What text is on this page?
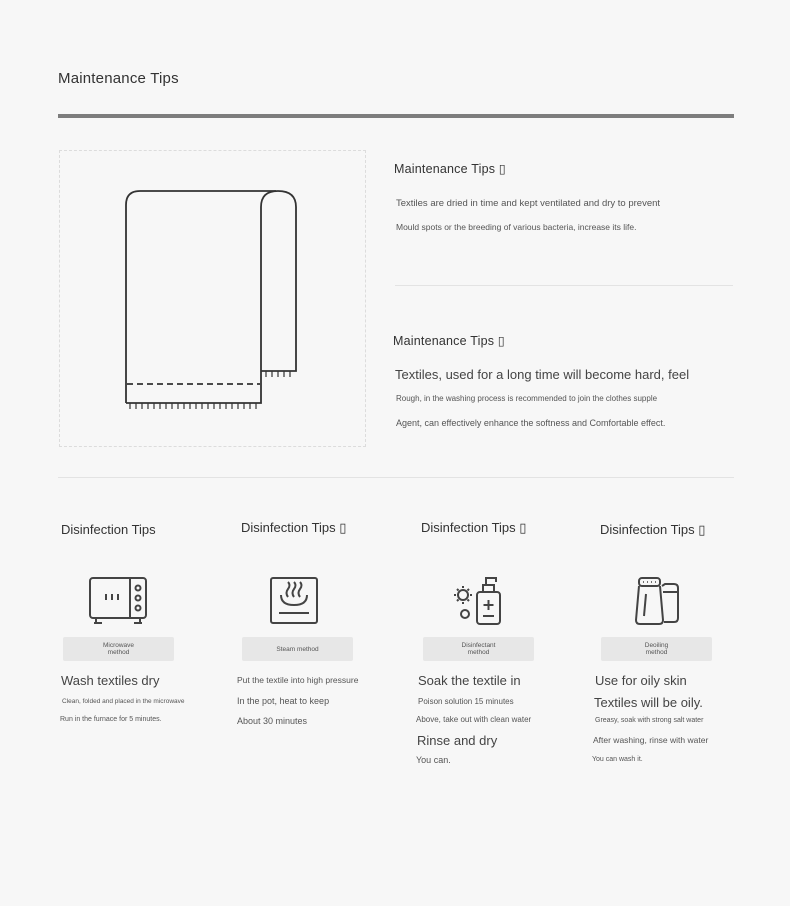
Maintenance Tips
Maintenance Tips ▯
Textiles are dried in time and kept ventilated and dry to prevent
Mould spots or the breeding of various bacteria, increase its life.
Maintenance Tips ▯
Textiles, used for a long time will become hard, feel
Rough, in the washing process is recommended to join the clothes supple
Agent, can effectively enhance the softness and Comfortable effect.
Disinfection Tips
Microwave
method
Wash textiles dry
Clean, folded and placed in the microwave
Run in the furnace for 5 minutes.
Disinfection Tips ▯
Steam method
Put the textile into high pressure
In the pot, heat to keep
About 30 minutes
Disinfection Tips ▯
Disinfectant
method
Soak the textile in
Poison solution 15 minutes
Above, take out with clean water
Rinse and dry
You can.
Disinfection Tips ▯
Deoiling
method
Use for oily skin
Textiles will be oily.
Greasy, soak with strong salt water
After washing, rinse with water
You can wash it.
